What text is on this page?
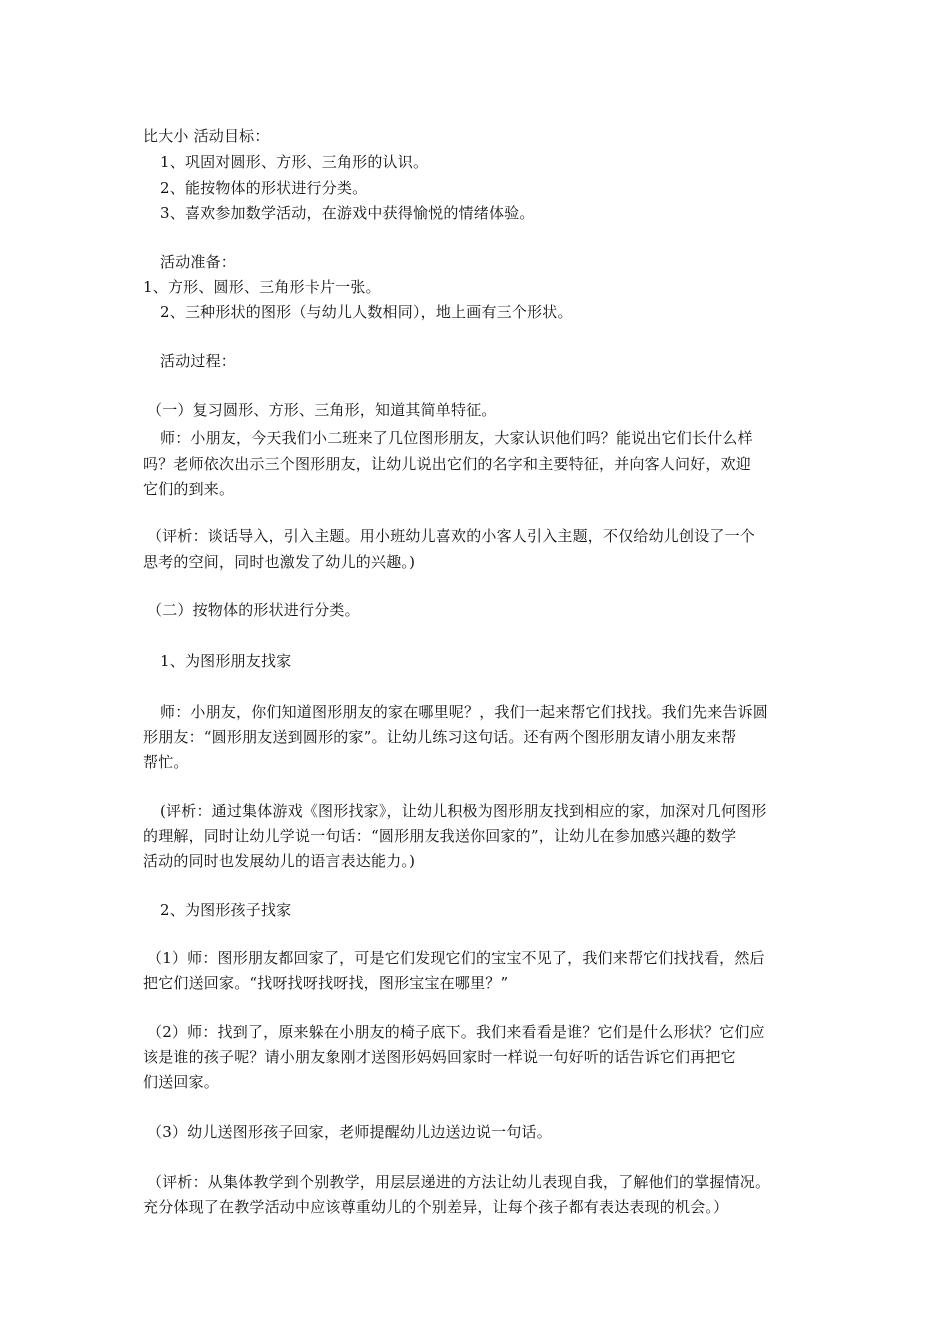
比大小 活动目标：
1、巩固对圆形、方形、三角形的认识。
2、能按物体的形状进行分类。
3、喜欢参加数学活动，在游戏中获得愉悦的情绪体验。
活动准备：
1、方形、圆形、三角形卡片一张。
2、三种形状的图形（与幼儿人数相同），地上画有三个形状。
活动过程：
（一）复习圆形、方形、三角形，知道其简单特征。
师：小朋友，今天我们小二班来了几位图形朋友，大家认识他们吗？能说出它们长什么样
吗？老师依次出示三个图形朋友，让幼儿说出它们的名字和主要特征，并向客人问好，欢迎
它们的到来。
（评析：谈话导入，引入主题。用小班幼儿喜欢的小客人引入主题，不仅给幼儿创设了一个
思考的空间，同时也激发了幼儿的兴趣。)
（二）按物体的形状进行分类。
1、为图形朋友找家
师：小朋友，你们知道图形朋友的家在哪里呢？，我们一起来帮它们找找。我们先来告诉圆
形朋友：“圆形朋友送到圆形的家”。让幼儿练习这句话。还有两个图形朋友请小朋友来帮
帮忙。
(评析：通过集体游戏《图形找家》，让幼儿积极为图形朋友找到相应的家，加深对几何图形
的理解，同时让幼儿学说一句话：“圆形朋友我送你回家的”，让幼儿在参加感兴趣的数学
活动的同时也发展幼儿的语言表达能力。)
2、为图形孩子找家
（1）师：图形朋友都回家了，可是它们发现它们的宝宝不见了，我们来帮它们找找看，然后
把它们送回家。“找呀找呀找呀找，图形宝宝在哪里？”
（2）师：找到了，原来躲在小朋友的椅子底下。我们来看看是谁？它们是什么形状？它们应
该是谁的孩子呢？请小朋友象刚才送图形妈妈回家时一样说一句好听的话告诉它们再把它
们送回家。
（3）幼儿送图形孩子回家，老师提醒幼儿边送边说一句话。
（评析：从集体教学到个别教学，用层层递进的方法让幼儿表现自我，了解他们的掌握情况。
充分体现了在教学活动中应该尊重幼儿的个别差异，让每个孩子都有表达表现的机会。）
